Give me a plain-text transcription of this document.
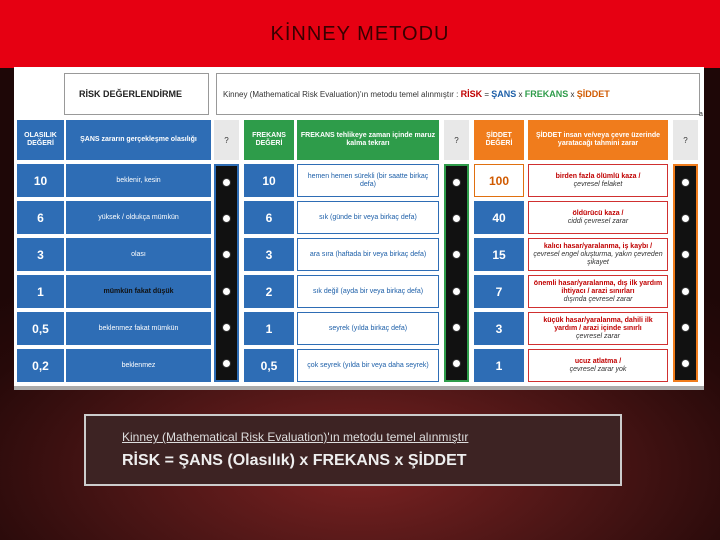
KİNNEY METODU
RİSK DEĞERLENDİRME	Kinney (Mathematical Risk Evaluation)'ın metodu temel alınmıştır :
RİSK
=
ŞANS
x
FREKANS
x
ŞİDDET
a
OLASILIK DEĞERİ
ŞANS zararın gerçekleşme olasılığı	?	FREKANS DEĞERİ
FREKANS tehlikeye zaman içinde maruz kalma tekrarı	?	ŞİDDET DEĞERİ
ŞİDDET insan ve/veya çevre üzerinde yaratacağı tahmini zarar	?
10	beklenir, kesin	10	hemen hemen sürekli (bir saatte birkaç defa)	100	birden fazla ölümlü kaza /
çevresel felaket
6	yüksek / oldukça mümkün	6	sık (günde bir veya birkaç defa)	40	öldürücü kaza /
ciddi çevresel zarar
3	olası	3	ara sıra (haftada bir veya birkaç defa)	15
kalıcı hasar/yaralanma, iş kaybı /
çevresel engel oluşturma, yakın çevreden şikayet
1	mümkün fakat düşük	2	sık değil (ayda bir veya birkaç defa)	7
önemli hasar/yaralanma, dış ilk yardım ihtiyacı / arazi sınırları
dışında çevresel zarar
0,5	beklenmez fakat mümkün	1	seyrek (yılda birkaç defa)	3
küçük hasar/yaralanma, dahili ilk yardım / arazi içinde sınırlı
çevresel zarar
0,2	beklenmez	0,5	çok seyrek (yılda bir veya daha seyrek)	1	ucuz atlatma /
çevresel zarar yok
Kinney (Mathematical Risk Evaluation)'ın metodu temel alınmıştır
RİSK = ŞANS (Olasılık) x FREKANS x ŞİDDET
